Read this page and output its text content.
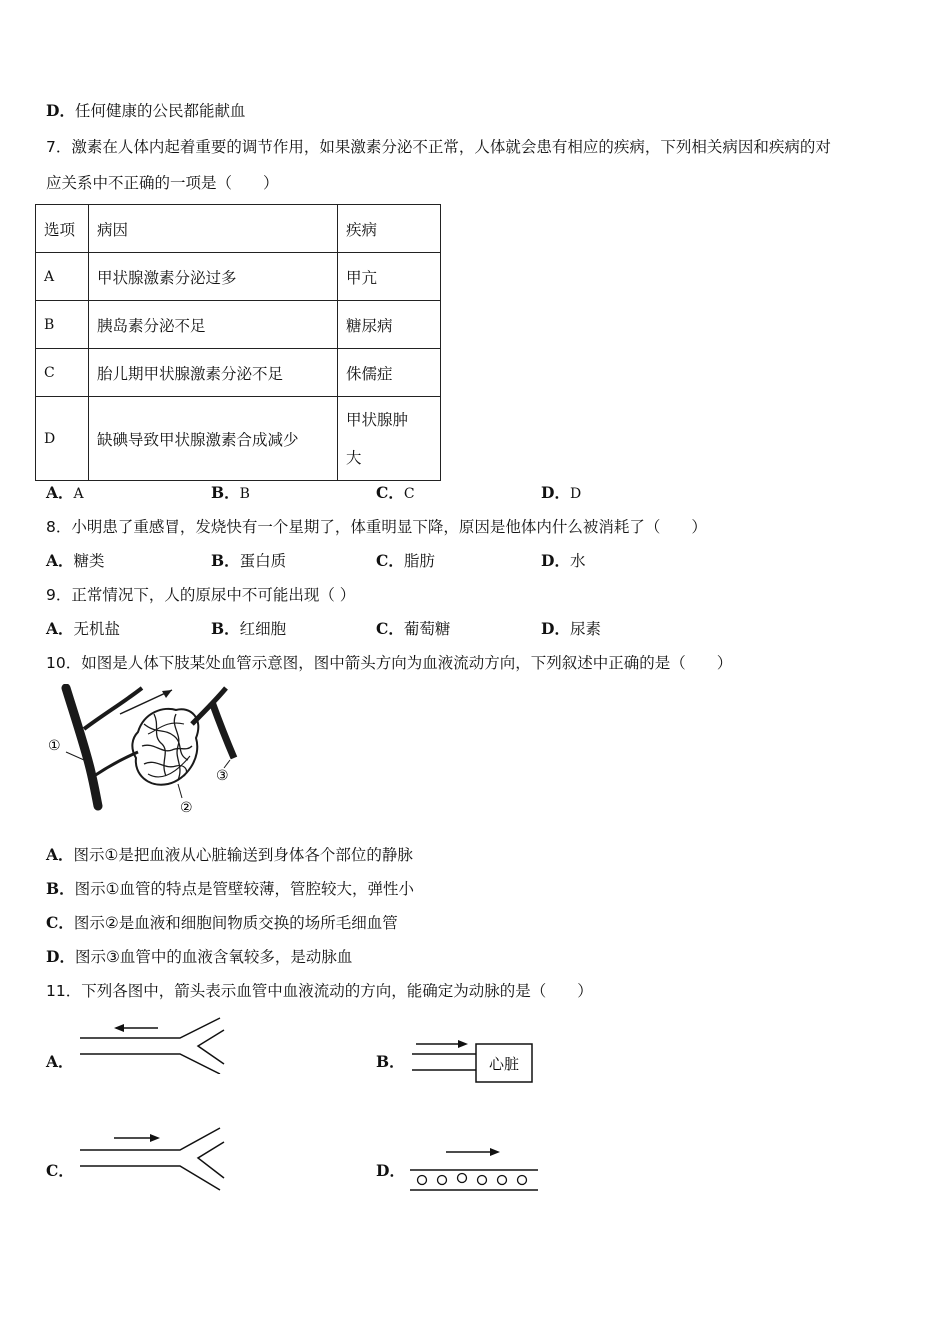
D．任何健康的公民都能献血
7．激素在人体内起着重要的调节作用，如果激素分泌不正常，人体就会患有相应的疾病，下列相关病因和疾病的对
应关系中不正确的一项是（　　）
选项	病因	疾病
A	甲状腺激素分泌过多	甲亢
B	胰岛素分泌不足	糖尿病
C	胎儿期甲状腺激素分泌不足	侏儒症
D	缺碘导致甲状腺激素合成减少	甲状腺肿
大
A．A	B．B	C．C	D．D
8．小明患了重感冒，发烧快有一个星期了，体重明显下降，原因是他体内什么被消耗了（　　）
A．糖类	B．蛋白质	C．脂肪	D．水
9．正常情况下，人的原尿中不可能出现（ ）
A．无机盐	B．红细胞	C．葡萄糖	D．尿素
10．如图是人体下肢某处血管示意图，图中箭头方向为血液流动方向，下列叙述中正确的是（　　）
①
②
③
A．图示①是把血液从心脏输送到身体各个部位的静脉
B．图示①血管的特点是管壁较薄，管腔较大，弹性小
C．图示②是血液和细胞间物质交换的场所毛细血管
D．图示③血管中的血液含氧较多，是动脉血
11．下列各图中，箭头表示血管中血液流动的方向，能确定为动脉的是（　　）
A．	B．	心脏
C．	D．
